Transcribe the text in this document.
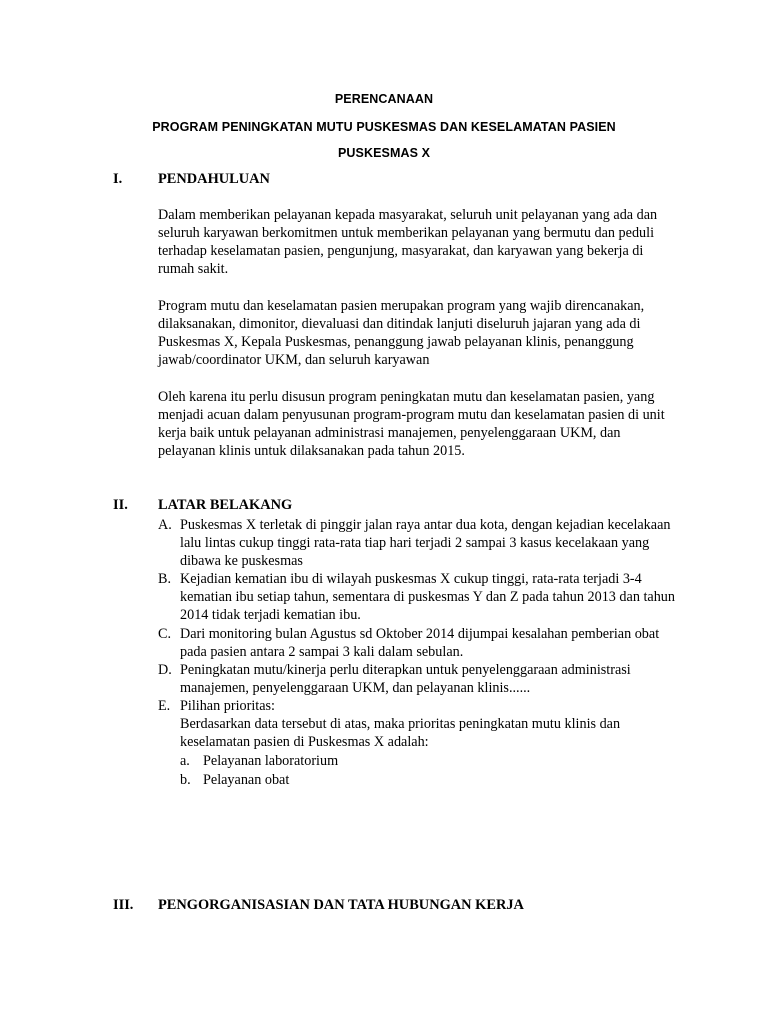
PERENCANAAN
PROGRAM PENINGKATAN MUTU PUSKESMAS DAN KESELAMATAN PASIEN
PUSKESMAS X
I. PENDAHULUAN

Dalam memberikan pelayanan kepada masyarakat, seluruh unit pelayanan yang ada dan seluruh karyawan berkomitmen untuk memberikan pelayanan yang bermutu dan peduli terhadap keselamatan pasien, pengunjung, masyarakat, dan karyawan yang bekerja di rumah sakit.

Program mutu dan keselamatan pasien merupakan program yang wajib direncanakan, dilaksanakan, dimonitor, dievaluasi dan ditindak lanjuti diseluruh jajaran yang ada di Puskesmas X, Kepala Puskesmas, penanggung jawab pelayanan klinis, penanggung jawab/coordinator UKM, dan seluruh karyawan

Oleh karena itu perlu disusun program peningkatan mutu dan keselamatan pasien, yang menjadi acuan dalam penyusunan program-program mutu dan keselamatan pasien di unit kerja baik untuk pelayanan administrasi manajemen, penyelenggaraan UKM, dan pelayanan klinis untuk dilaksanakan pada tahun 2015.

II. LATAR BELAKANG
A. Puskesmas X terletak di pinggir jalan raya antar dua kota, dengan kejadian kecelakaan lalu lintas cukup tinggi rata-rata tiap hari terjadi 2 sampai 3 kasus kecelakaan yang dibawa ke puskesmas
B. Kejadian kematian ibu di wilayah puskesmas X cukup tinggi, rata-rata terjadi 3-4 kematian ibu setiap tahun, sementara di puskesmas Y dan Z pada tahun 2013 dan tahun 2014 tidak terjadi kematian ibu.
C. Dari monitoring bulan Agustus sd Oktober 2014 dijumpai kesalahan pemberian obat pada pasien antara 2 sampai 3 kali dalam sebulan.
D. Peningkatan mutu/kinerja perlu diterapkan untuk penyelenggaraan administrasi manajemen, penyelenggaraan UKM, dan pelayanan klinis......
E. Pilihan prioritas:
Berdasarkan data tersebut di atas, maka prioritas peningkatan mutu klinis dan keselamatan pasien di Puskesmas X adalah:
a. Pelayanan laboratorium
b. Pelayanan obat
III. PENGORGANISASIAN DAN TATA HUBUNGAN KERJA
